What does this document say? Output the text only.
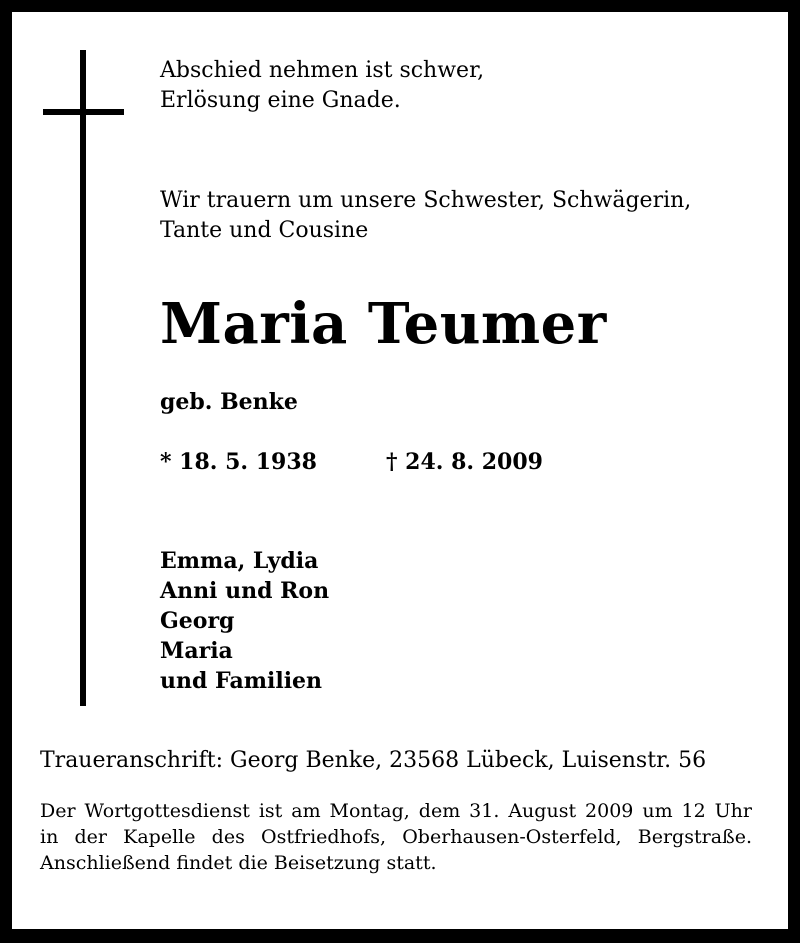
Abschied nehmen ist schwer,
Erlösung eine Gnade.
Wir trauern um unsere Schwester, Schwägerin,
Tante und Cousine
Maria Teumer
geb. Benke
* 18. 5. 1938	† 24. 8. 2009
Emma, Lydia
Anni und Ron
Georg
Maria
und Familien
Traueranschrift: Georg Benke, 23568 Lübeck, Luisenstr. 56
Der Wortgottesdienst ist am Montag, dem 31. August 2009 um 12 Uhr
in der Kapelle des Ostfriedhofs, Oberhausen-Osterfeld, Bergstraße.
Anschließend findet die Beisetzung statt.
